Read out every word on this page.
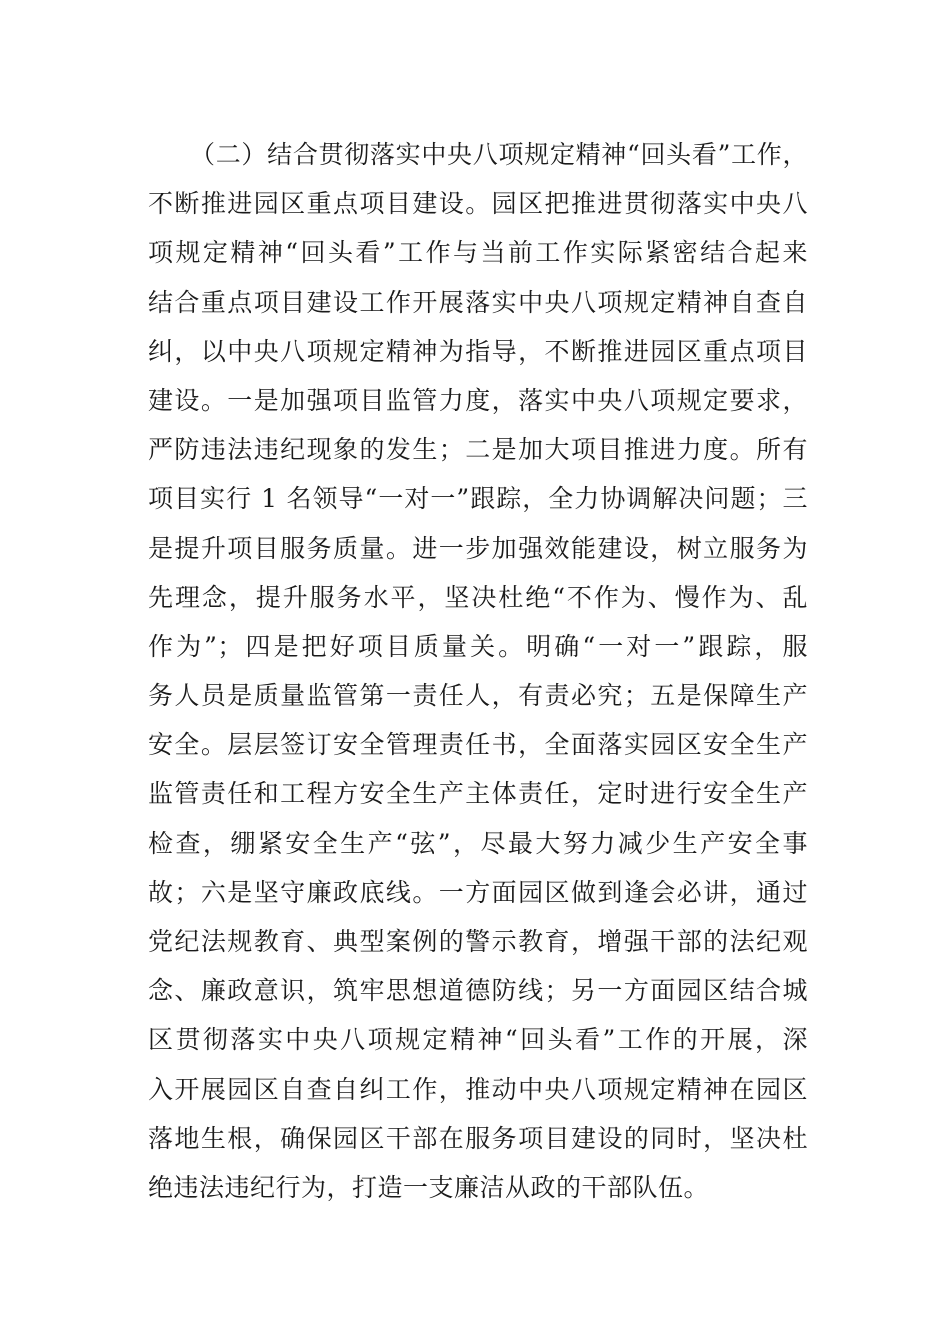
（二）结合贯彻落实中央八项规定精神“回头看”工作，
不断推进园区重点项目建设。园区把推进贯彻落实中央八
项规定精神“回头看”工作与当前工作实际紧密结合起来
结合重点项目建设工作开展落实中央八项规定精神自查自
纠，以中央八项规定精神为指导，不断推进园区重点项目
建设。一是加强项目监管力度，落实中央八项规定要求，
严防违法违纪现象的发生；二是加大项目推进力度。所有
项目实行 1 名领导“一对一”跟踪，全力协调解决问题；三
是提升项目服务质量。进一步加强效能建设，树立服务为
先理念，提升服务水平，坚决杜绝“不作为、慢作为、乱
作为”；四是把好项目质量关。明确“一对一”跟踪，服
务人员是质量监管第一责任人，有责必究；五是保障生产
安全。层层签订安全管理责任书，全面落实园区安全生产
监管责任和工程方安全生产主体责任，定时进行安全生产
检查，绷紧安全生产“弦”，尽最大努力减少生产安全事
故；六是坚守廉政底线。一方面园区做到逢会必讲，通过
党纪法规教育、典型案例的警示教育，增强干部的法纪观
念、廉政意识，筑牢思想道德防线；另一方面园区结合城
区贯彻落实中央八项规定精神“回头看”工作的开展，深
入开展园区自查自纠工作，推动中央八项规定精神在园区
落地生根，确保园区干部在服务项目建设的同时，坚决杜
绝违法违纪行为，打造一支廉洁从政的干部队伍。
